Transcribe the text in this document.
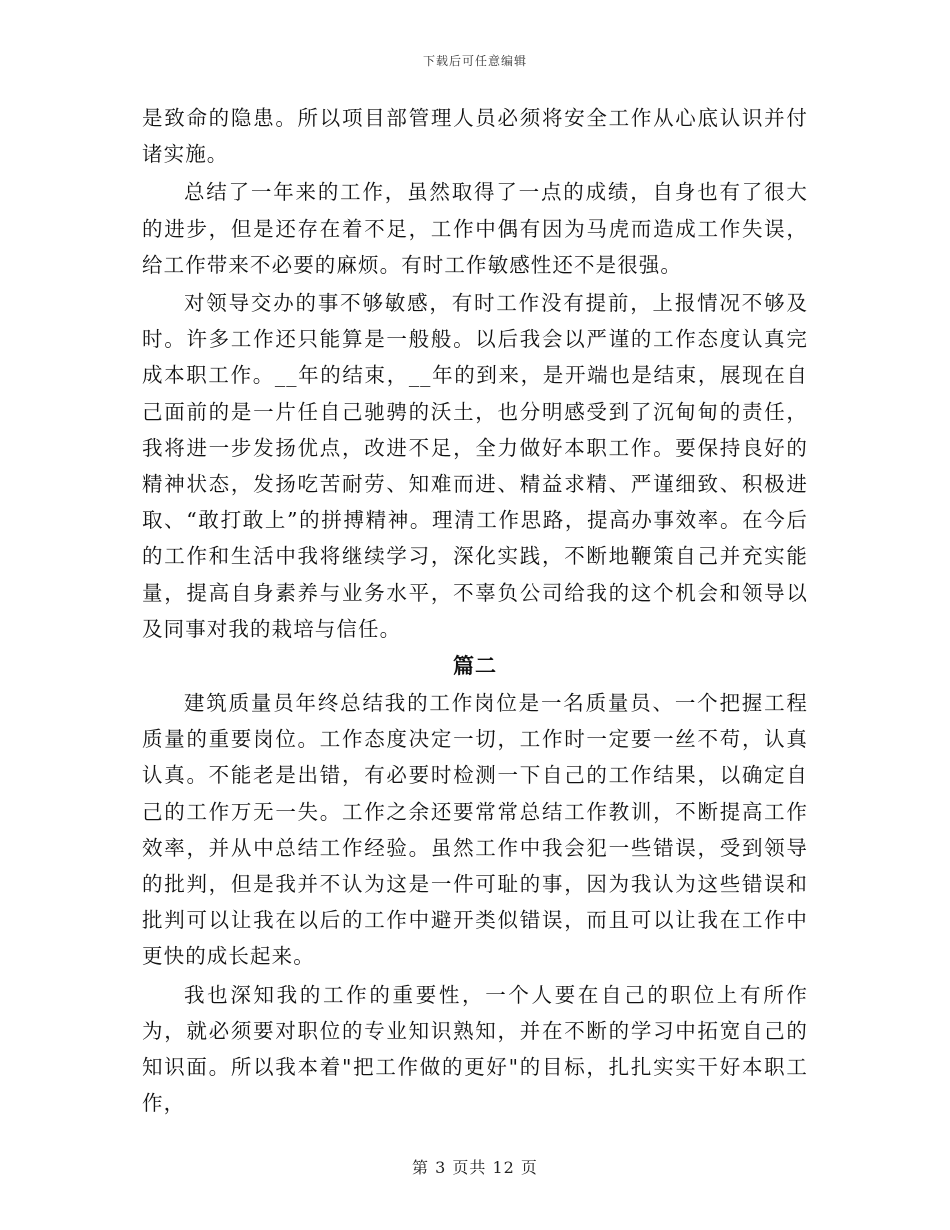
下载后可任意编辑

是致命的隐患。所以项目部管理人员必须将安全工作从心底认识并付诸实施。

总结了一年来的工作，虽然取得了一点的成绩，自身也有了很大的进步，但是还存在着不足，工作中偶有因为马虎而造成工作失误，给工作带来不必要的麻烦。有时工作敏感性还不是很强。

对领导交办的事不够敏感，有时工作没有提前，上报情况不够及时。许多工作还只能算是一般般。以后我会以严谨的工作态度认真完成本职工作。__年的结束，__年的到来，是开端也是结束，展现在自己面前的是一片任自己驰骋的沃土，也分明感受到了沉甸甸的责任，我将进一步发扬优点，改进不足，全力做好本职工作。要保持良好的精神状态，发扬吃苦耐劳、知难而进、精益求精、严谨细致、积极进取、“敢打敢上”的拼搏精神。理清工作思路，提高办事效率。在今后的工作和生活中我将继续学习，深化实践，不断地鞭策自己并充实能量，提高自身素养与业务水平，不辜负公司给我的这个机会和领导以及同事对我的栽培与信任。

篇二

建筑质量员年终总结我的工作岗位是一名质量员、一个把握工程质量的重要岗位。工作态度决定一切，工作时一定要一丝不苟，认真认真。不能老是出错，有必要时检测一下自己的工作结果，以确定自己的工作万无一失。工作之余还要常常总结工作教训，不断提高工作效率，并从中总结工作经验。虽然工作中我会犯一些错误，受到领导的批判，但是我并不认为这是一件可耻的事，因为我认为这些错误和批判可以让我在以后的工作中避开类似错误，而且可以让我在工作中更快的成长起来。

我也深知我的工作的重要性，一个人要在自己的职位上有所作为，就必须要对职位的专业知识熟知，并在不断的学习中拓宽自己的知识面。所以我本着"把工作做的更好"的目标，扎扎实实干好本职工作，

第 3 页共 12 页
